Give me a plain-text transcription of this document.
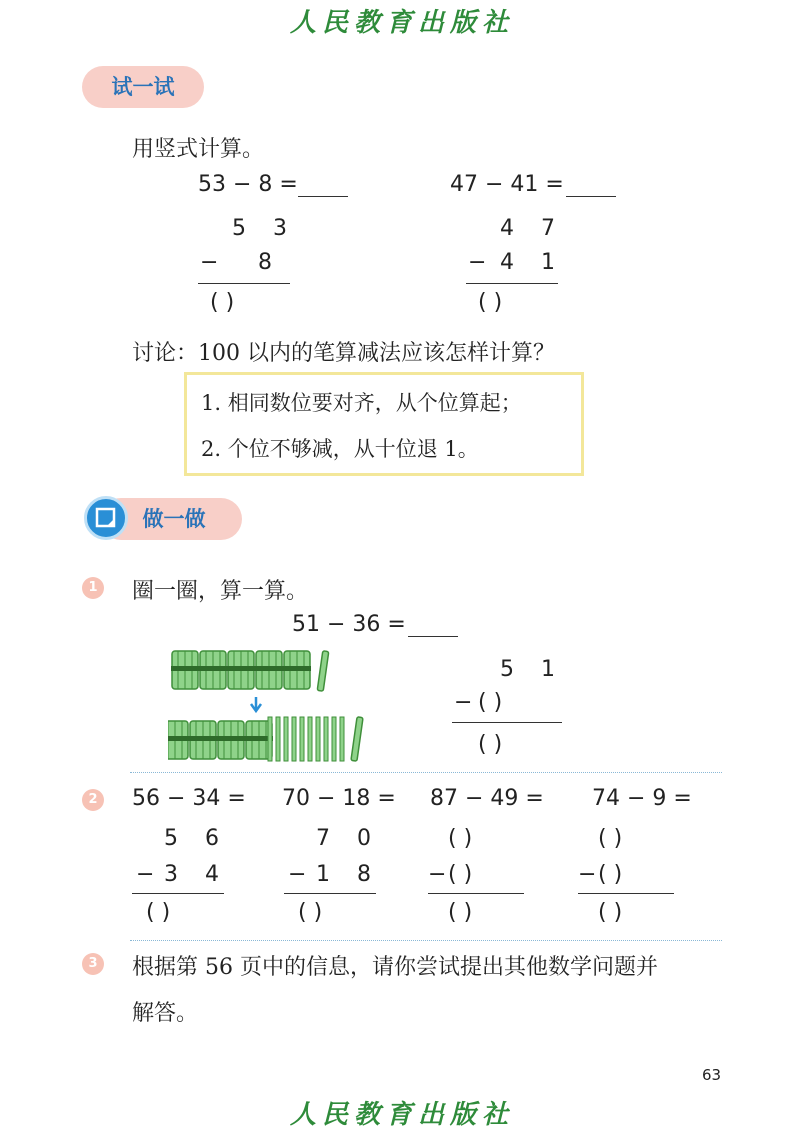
人民教育出版社
试一试
用竖式计算。
53 − 8 =
5 3
− 8
( )
47 − 41 =
4 7
− 4 1
( )
讨论：100 以内的笔算减法应该怎样计算？
1. 相同数位要对齐，从个位算起；
2. 个位不够减，从十位退 1。
做一做
1 圈一圈，算一算。
51 − 36 =
5 1
− ( )
( )
2 56 − 34 =
5 6
− 3 4
( )
70 − 18 =
7 0
− 1 8
( )
87 − 49 =
( )
− ( )
( )
74 − 9 =
( )
− ( )
( )
3 根据第 56 页中的信息，请你尝试提出其他数学问题并
解答。
63
人民教育出版社
